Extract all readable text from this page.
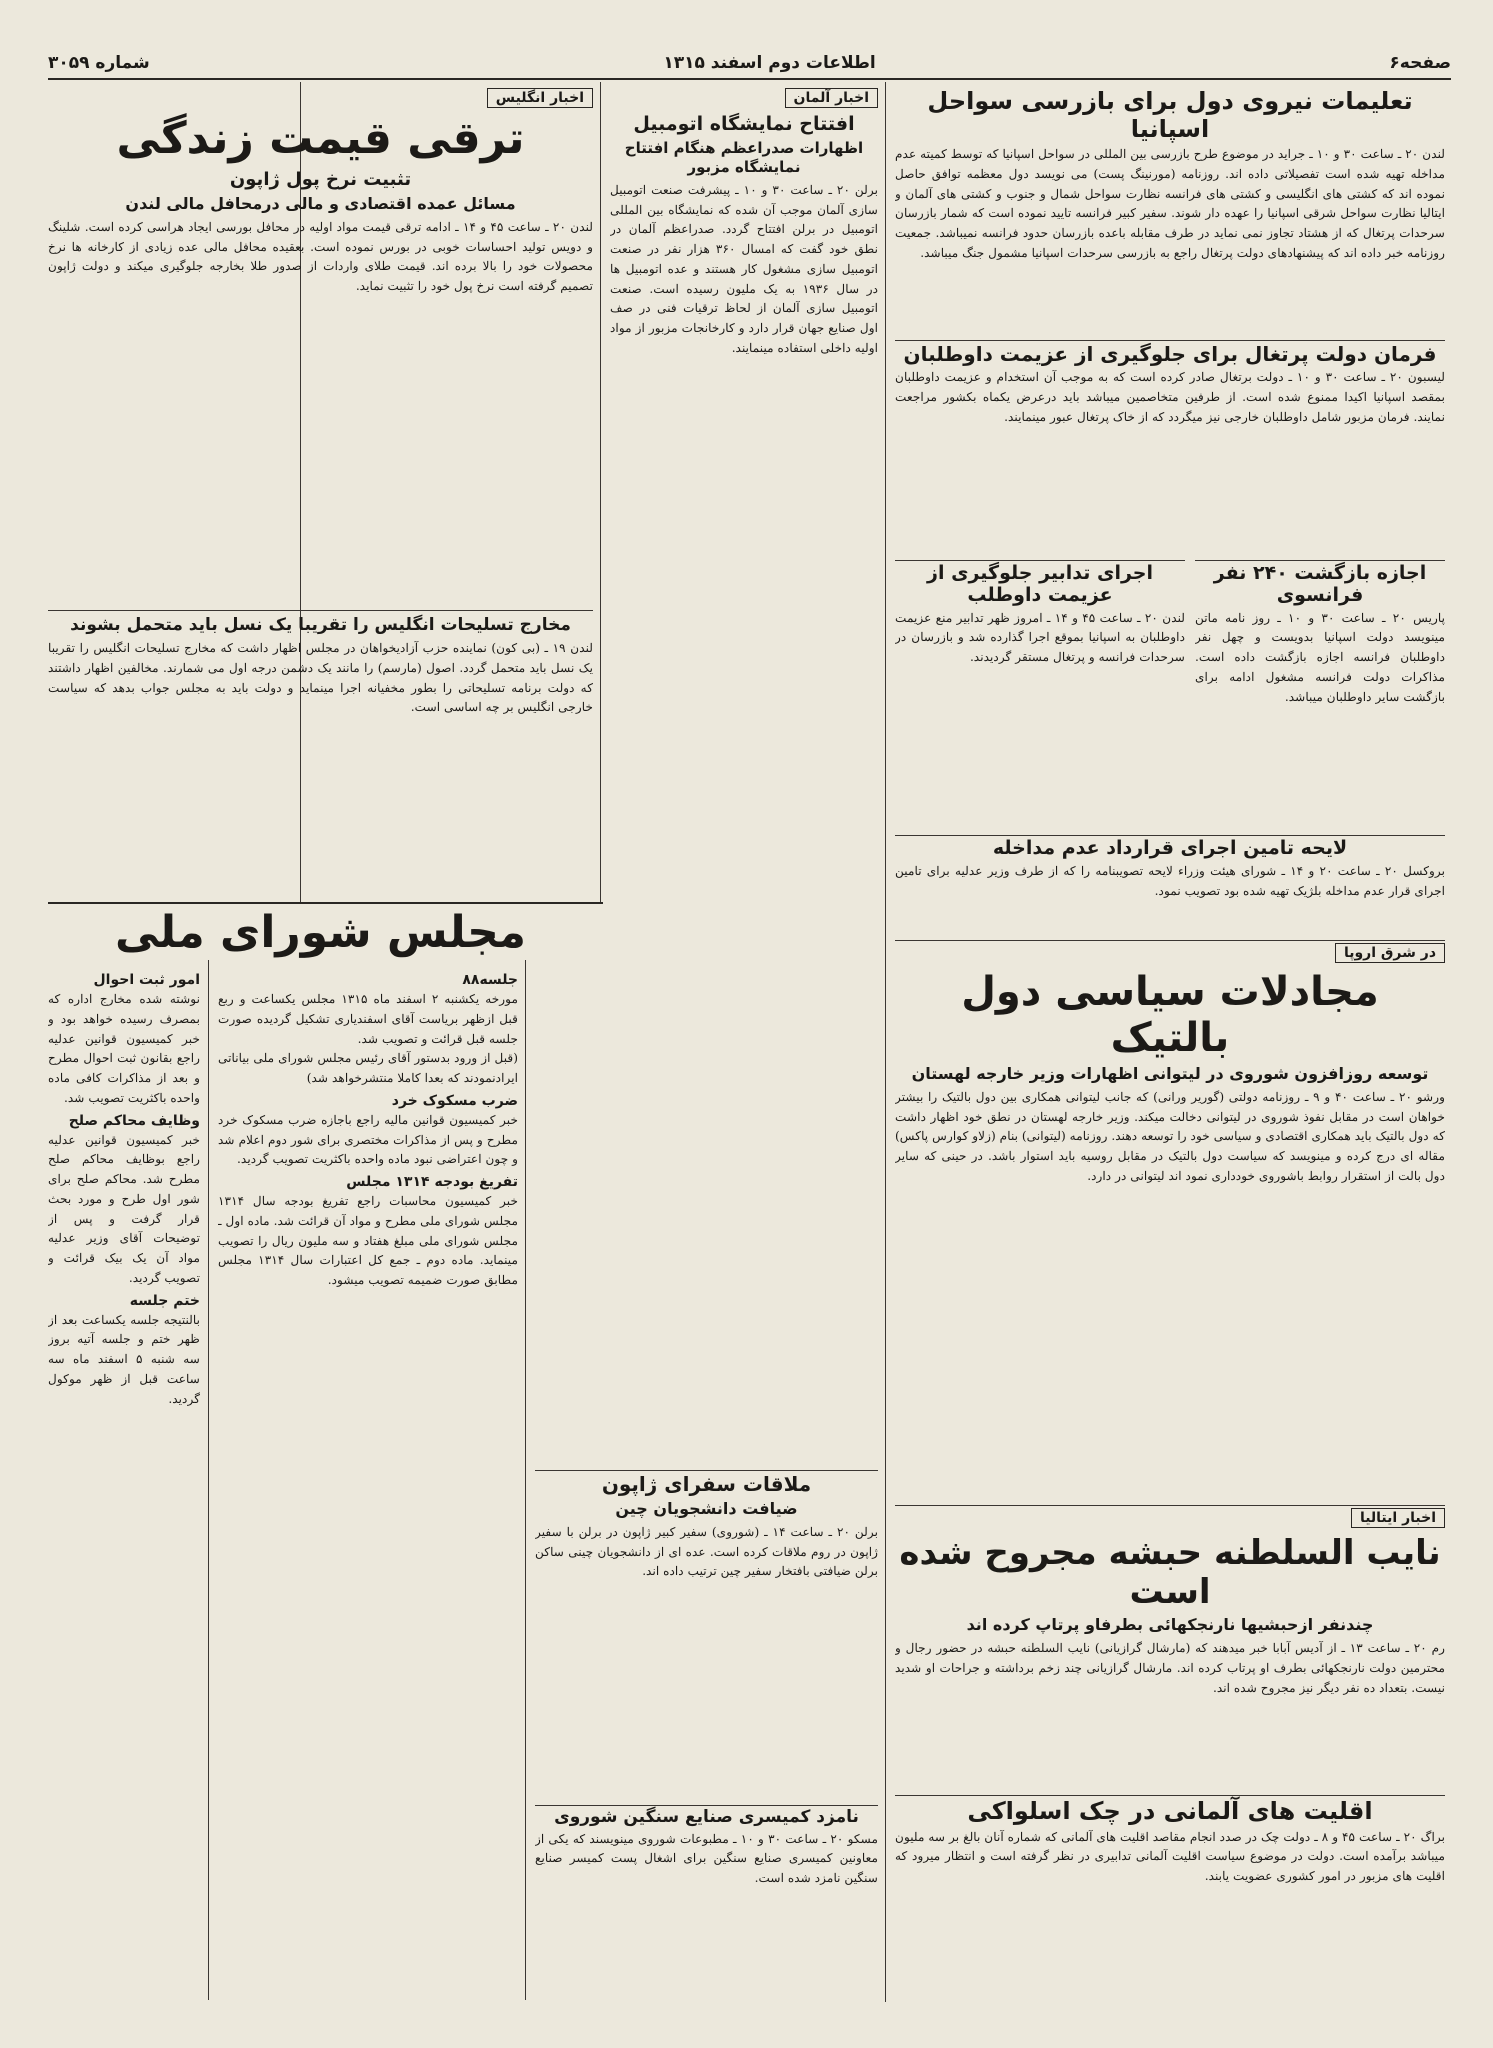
صفحه۶
اطلاعات دوم اسفند ۱۳۱۵
شماره ۳۰۵۹
تعلیمات نیروی دول برای بازرسی سواحل اسپانیا

لندن ۲۰ ـ ساعت ۳۰ و ۱۰ ـ جراید در موضوع طرح بازرسی بین المللی در سواحل اسپانیا که توسط کمیته عدم مداخله تهیه شده است تفصیلاتی داده اند. روزنامه (مورنینگ پست) می نویسد دول معظمه توافق حاصل نموده اند که کشتی های انگلیسی و کشتی های فرانسه نظارت سواحل شمال و جنوب و کشتی های آلمان و ایتالیا نظارت سواحل شرقی اسپانیا را عهده دار شوند. سفیر کبیر فرانسه تایید نموده است که شمار بازرسان سرحدات پرتغال که از هشتاد تجاوز نمی نماید در طرف مقابله باعده بازرسان حدود فرانسه نمیباشد. جمعیت روزنامه خبر داده اند که پیشنهادهای دولت پرتغال راجع به بازرسی سرحدات اسپانیا مشمول جنگ میباشد.

فرمان دولت پرتغال برای جلوگیری از عزیمت داوطلبان

لیسبون ۲۰ ـ ساعت ۳۰ و ۱۰ ـ دولت برتغال صادر کرده است که به موجب آن استخدام و عزیمت داوطلبان بمقصد اسپانیا اکیدا ممنوع شده است. از طرفین متخاصمین میباشد باید درعرض یکماه بکشور مراجعت نمایند. فرمان مزبور شامل داوطلبان خارجی نیز میگردد که از خاک پرتغال عبور مینمایند.

اجازه بازگشت ۲۴۰ نفر فرانسوی

پاریس ۲۰ ـ ساعت ۳۰ و ۱۰ ـ روز نامه ماتن مینویسد دولت اسپانیا بدویست و چهل نفر داوطلبان فرانسه اجازه بازگشت داده است. مذاکرات دولت فرانسه مشغول ادامه برای بازگشت سایر داوطلبان میباشد.

اجرای تدابیر جلوگیری از عزیمت داوطلب

لندن ۲۰ ـ ساعت ۴۵ و ۱۴ ـ امروز ظهر تدابیر منع عزیمت داوطلبان به اسپانیا بموقع اجرا گذارده شد و بازرسان در سرحدات فرانسه و پرتغال مستقر گردیدند.

لایحه تامین اجرای قرارداد عدم مداخله

بروکسل ۲۰ ـ ساعت ۲۰ و ۱۴ ـ شورای هیئت وزراء لایحه تصویبنامه را که از طرف وزیر عدلیه برای تامین اجرای قرار عدم مداخله بلژیک تهیه شده بود تصویب نمود.

در شرق اروپا
مجادلات سیاسی دول بالتیک
توسعه روزافزون شوروی در لیتوانی اظهارات وزیر خارجه لهستان

ورشو ۲۰ ـ ساعت ۴۰ و ۹ ـ روزنامه دولتی (گوریر ورانی) که جانب لیتوانی همکاری بین دول بالتیک را بیشتر خواهان است در مقابل نفوذ شوروی در لیتوانی دخالت میکند. وزیر خارجه لهستان در نطق خود اظهار داشت که دول بالتیک باید همکاری اقتصادی و سیاسی خود را توسعه دهند. روزنامه (لیتوانی) بنام (زلاو کوارس پاکس) مقاله ای درج کرده و مینویسد که سیاست دول بالتیک در مقابل روسیه باید استوار باشد. در حینی که سایر دول بالت از استقرار روابط باشوروی خودداری نمود اند لیتوانی در دارد.

اخبار ایتالیا
نایب السلطنه حبشه مجروح شده است
چندنفر ازحبشیها نارنجکهائی بطرفاو پرتاپ کرده اند

رم ۲۰ ـ ساعت ۱۳ ـ از آدیس آبابا خبر میدهند که (مارشال گرازیانی) نایب السلطنه حبشه در حضور رجال و محترمین دولت نارنجکهائی بطرف او پرتاب کرده اند. مارشال گرازیانی چند زخم برداشته و جراحات او شدید نیست. بتعداد ده نفر دیگر نیز مجروح شده اند.

اقلیت های آلمانی در چک اسلواکی

براگ ۲۰ ـ ساعت ۴۵ و ۸ ـ دولت چک در صدد انجام مقاصد اقلیت های آلمانی که شماره آنان بالغ بر سه ملیون میباشد برآمده است. دولت در موضوع سیاست اقلیت آلمانی تدابیری در نظر گرفته است و انتظار میرود که اقلیت های مزبور در امور کشوری عضویت یابند.

اخبار آلمان
افتتاح نمایشگاه اتومبیل
اظهارات صدراعظم هنگام افتتاح نمایشگاه مزبور

برلن ۲۰ ـ ساعت ۳۰ و ۱۰ ـ پیشرفت صنعت اتومبیل سازی آلمان موجب آن شده که نمایشگاه بین المللی اتومبیل در برلن افتتاح گردد. صدراعظم آلمان در نطق خود گفت که امسال ۳۶۰ هزار نفر در صنعت اتومبیل سازی مشغول کار هستند و عده اتومبیل ها در سال ۱۹۳۶ به یک ملیون رسیده است. صنعت اتومبیل سازی آلمان از لحاظ ترقیات فنی در صف اول صنایع جهان قرار دارد و کارخانجات مزبور از مواد اولیه داخلی استفاده مینمایند.

ملاقات سفرای ژاپون
ضیافت دانشجویان چین

برلن ۲۰ ـ ساعت ۱۴ ـ (شوروی) سفیر کبیر ژاپون در برلن با سفیر ژاپون در روم ملاقات کرده است. عده ای از دانشجویان چینی ساکن برلن ضیافتی بافتخار سفیر چین ترتیب داده اند.

نامزد کمیسری صنایع سنگین شوروی

مسکو ۲۰ ـ ساعت ۳۰ و ۱۰ ـ مطبوعات شوروی مینویسند که یکی از معاونین کمیسری صنایع سنگین برای اشغال پست کمیسر صنایع سنگین نامزد شده است.

اخبار انگلیس
ترقی قیمت زندگی
تثبیت نرخ پول ژاپون
مسائل عمده اقتصادی و مالی درمحافل مالی لندن

لندن ۲۰ ـ ساعت ۴۵ و ۱۴ ـ ادامه ترقی قیمت مواد اولیه در محافل بورسی ایجاد هراسی کرده است. شلینگ و دویس تولید احساسات خوبی در بورس نموده است. بعقیده محافل مالی عده زیادی از کارخانه ها نرخ محصولات خود را بالا برده اند. قیمت طلای واردات از صدور طلا بخارجه جلوگیری میکند و دولت ژاپون تصمیم گرفته است نرخ پول خود را تثبیت نماید.

مخارج تسلیحات انگلیس را تقریبا یک نسل باید متحمل بشوند

لندن ۱۹ ـ (بی کون) نماینده حزب آزادیخواهان در مجلس اظهار داشت که مخارج تسلیحات انگلیس را تقریبا یک نسل باید متحمل گردد. اصول (مارسم) را مانند یک دشمن درجه اول می شمارند. مخالفین اظهار داشتند که دولت برنامه تسلیحاتی را بطور مخفیانه اجرا مینماید و دولت باید به مجلس جواب بدهد که سیاست خارجی انگلیس بر چه اساسی است.

مجلس شورای ملی
جلسه۸۸

مورخه یکشنبه ۲ اسفند ماه ۱۳۱۵ مجلس یکساعت و ربع قبل ازظهر بریاست آقای اسفندیاری تشکیل گردیده صورت جلسه قبل قرائت و تصویب شد.

(قبل از ورود بدستور آقای رئیس مجلس شورای ملی بیاناتی ایرادنمودند که بعدا کاملا منتشرخواهد شد)

ضرب مسکوک خرد

خبر کمیسیون قوانین مالیه راجع باجازه ضرب مسکوک خرد مطرح و پس از مذاکرات مختصری برای شور دوم اعلام شد و چون اعتراضی نبود ماده واحده باکثریت تصویب گردید.

تفریغ بودجه ۱۳۱۴ مجلس

خبر کمیسیون محاسبات راجع تفریغ بودجه سال ۱۳۱۴ مجلس شورای ملی مطرح و مواد آن قرائت شد. ماده اول ـ مجلس شورای ملی مبلغ هفتاد و سه ملیون ریال را تصویب مینماید. ماده دوم ـ جمع کل اعتبارات سال ۱۳۱۴ مجلس مطابق صورت ضمیمه تصویب میشود.

امور ثبت احوال

نوشته شده مخارج اداره که بمصرف رسیده خواهد بود و خبر کمیسیون قوانین عدلیه راجع بقانون ثبت احوال مطرح و بعد از مذاکرات کافی ماده واحده باکثریت تصویب شد.

وظایف محاکم صلح

خبر کمیسیون قوانین عدلیه راجع بوظایف محاکم صلح مطرح شد. محاکم صلح برای شور اول طرح و مورد بحث قرار گرفت و پس از توضیحات آقای وزیر عدلیه مواد آن یک بیک قرائت و تصویب گردید.

ختم جلسه

بالنتیجه جلسه یکساعت بعد از ظهر ختم و جلسه آتیه بروز سه شنبه ۵ اسفند ماه سه ساعت قبل از ظهر موکول گردید.
